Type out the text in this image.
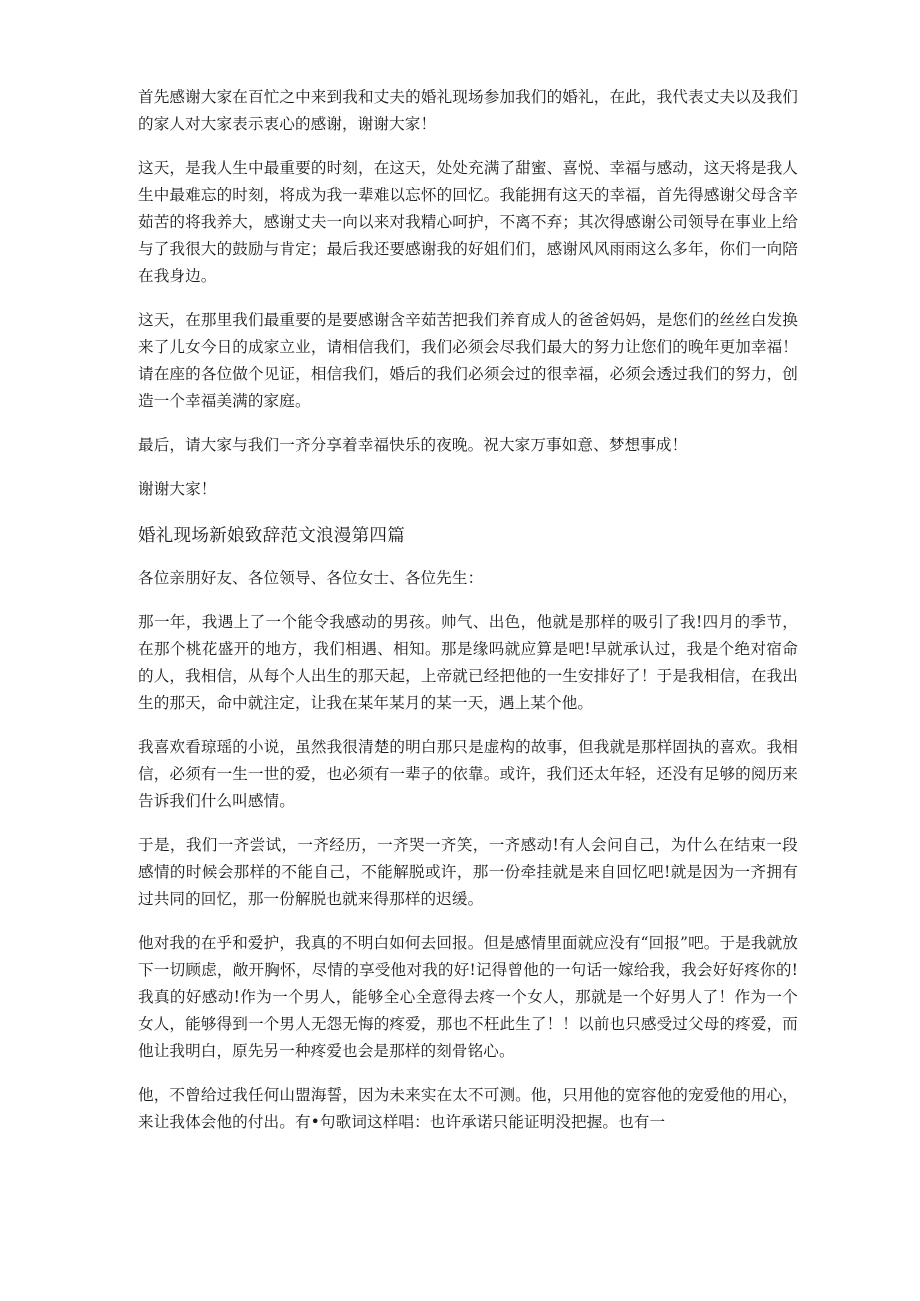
首先感谢大家在百忙之中来到我和丈夫的婚礼现场参加我们的婚礼，在此，我代表丈夫以及我们的家人对大家表示衷心的感谢，谢谢大家！

这天，是我人生中最重要的时刻，在这天，处处充满了甜蜜、喜悦、幸福与感动，这天将是我人生中最难忘的时刻，将成为我一辈难以忘怀的回忆。我能拥有这天的幸福，首先得感谢父母含辛茹苦的将我养大，感谢丈夫一向以来对我精心呵护，不离不弃；其次得感谢公司领导在事业上给与了我很大的鼓励与肯定；最后我还要感谢我的好姐们们，感谢风风雨雨这么多年，你们一向陪在我身边。

这天，在那里我们最重要的是要感谢含辛茹苦把我们养育成人的爸爸妈妈，是您们的丝丝白发换来了儿女今日的成家立业，请相信我们，我们必须会尽我们最大的努力让您们的晚年更加幸福！请在座的各位做个见证，相信我们，婚后的我们必须会过的很幸福，必须会透过我们的努力，创造一个幸福美满的家庭。

最后，请大家与我们一齐分享着幸福快乐的夜晚。祝大家万事如意、梦想事成！

谢谢大家！

婚礼现场新娘致辞范文浪漫第四篇

各位亲朋好友、各位领导、各位女士、各位先生：

那一年，我遇上了一个能令我感动的男孩。帅气、出色，他就是那样的吸引了我!四月的季节，在那个桃花盛开的地方，我们相遇、相知。那是缘吗就应算是吧!早就承认过，我是个绝对宿命的人，我相信，从每个人出生的那天起，上帝就已经把他的一生安排好了！于是我相信，在我出生的那天，命中就注定，让我在某年某月的某一天，遇上某个他。

我喜欢看琼瑶的小说，虽然我很清楚的明白那只是虚构的故事，但我就是那样固执的喜欢。我相信，必须有一生一世的爱，也必须有一辈子的依靠。或许，我们还太年轻，还没有足够的阅历来告诉我们什么叫感情。

于是，我们一齐尝试，一齐经历，一齐哭一齐笑，一齐感动!有人会问自己，为什么在结束一段感情的时候会那样的不能自己，不能解脱或许，那一份牵挂就是来自回忆吧!就是因为一齐拥有过共同的回忆，那一份解脱也就来得那样的迟缓。

他对我的在乎和爱护，我真的不明白如何去回报。但是感情里面就应没有“回报”吧。于是我就放下一切顾虑，敞开胸怀，尽情的享受他对我的好!记得曾他的一句话一嫁给我，我会好好疼你的!我真的好感动!作为一个男人，能够全心全意得去疼一个女人，那就是一个好男人了！作为一个女人，能够得到一个男人无怨无悔的疼爱，那也不枉此生了！！以前也只感受过父母的疼爱，而他让我明白，原先另一种疼爱也会是那样的刻骨铭心。

他，不曾给过我任何山盟海誓，因为未来实在太不可测。他，只用他的宽容他的宠爱他的用心，来让我体会他的付出。有•句歌词这样唱：也许承诺只能证明没把握。也有一
